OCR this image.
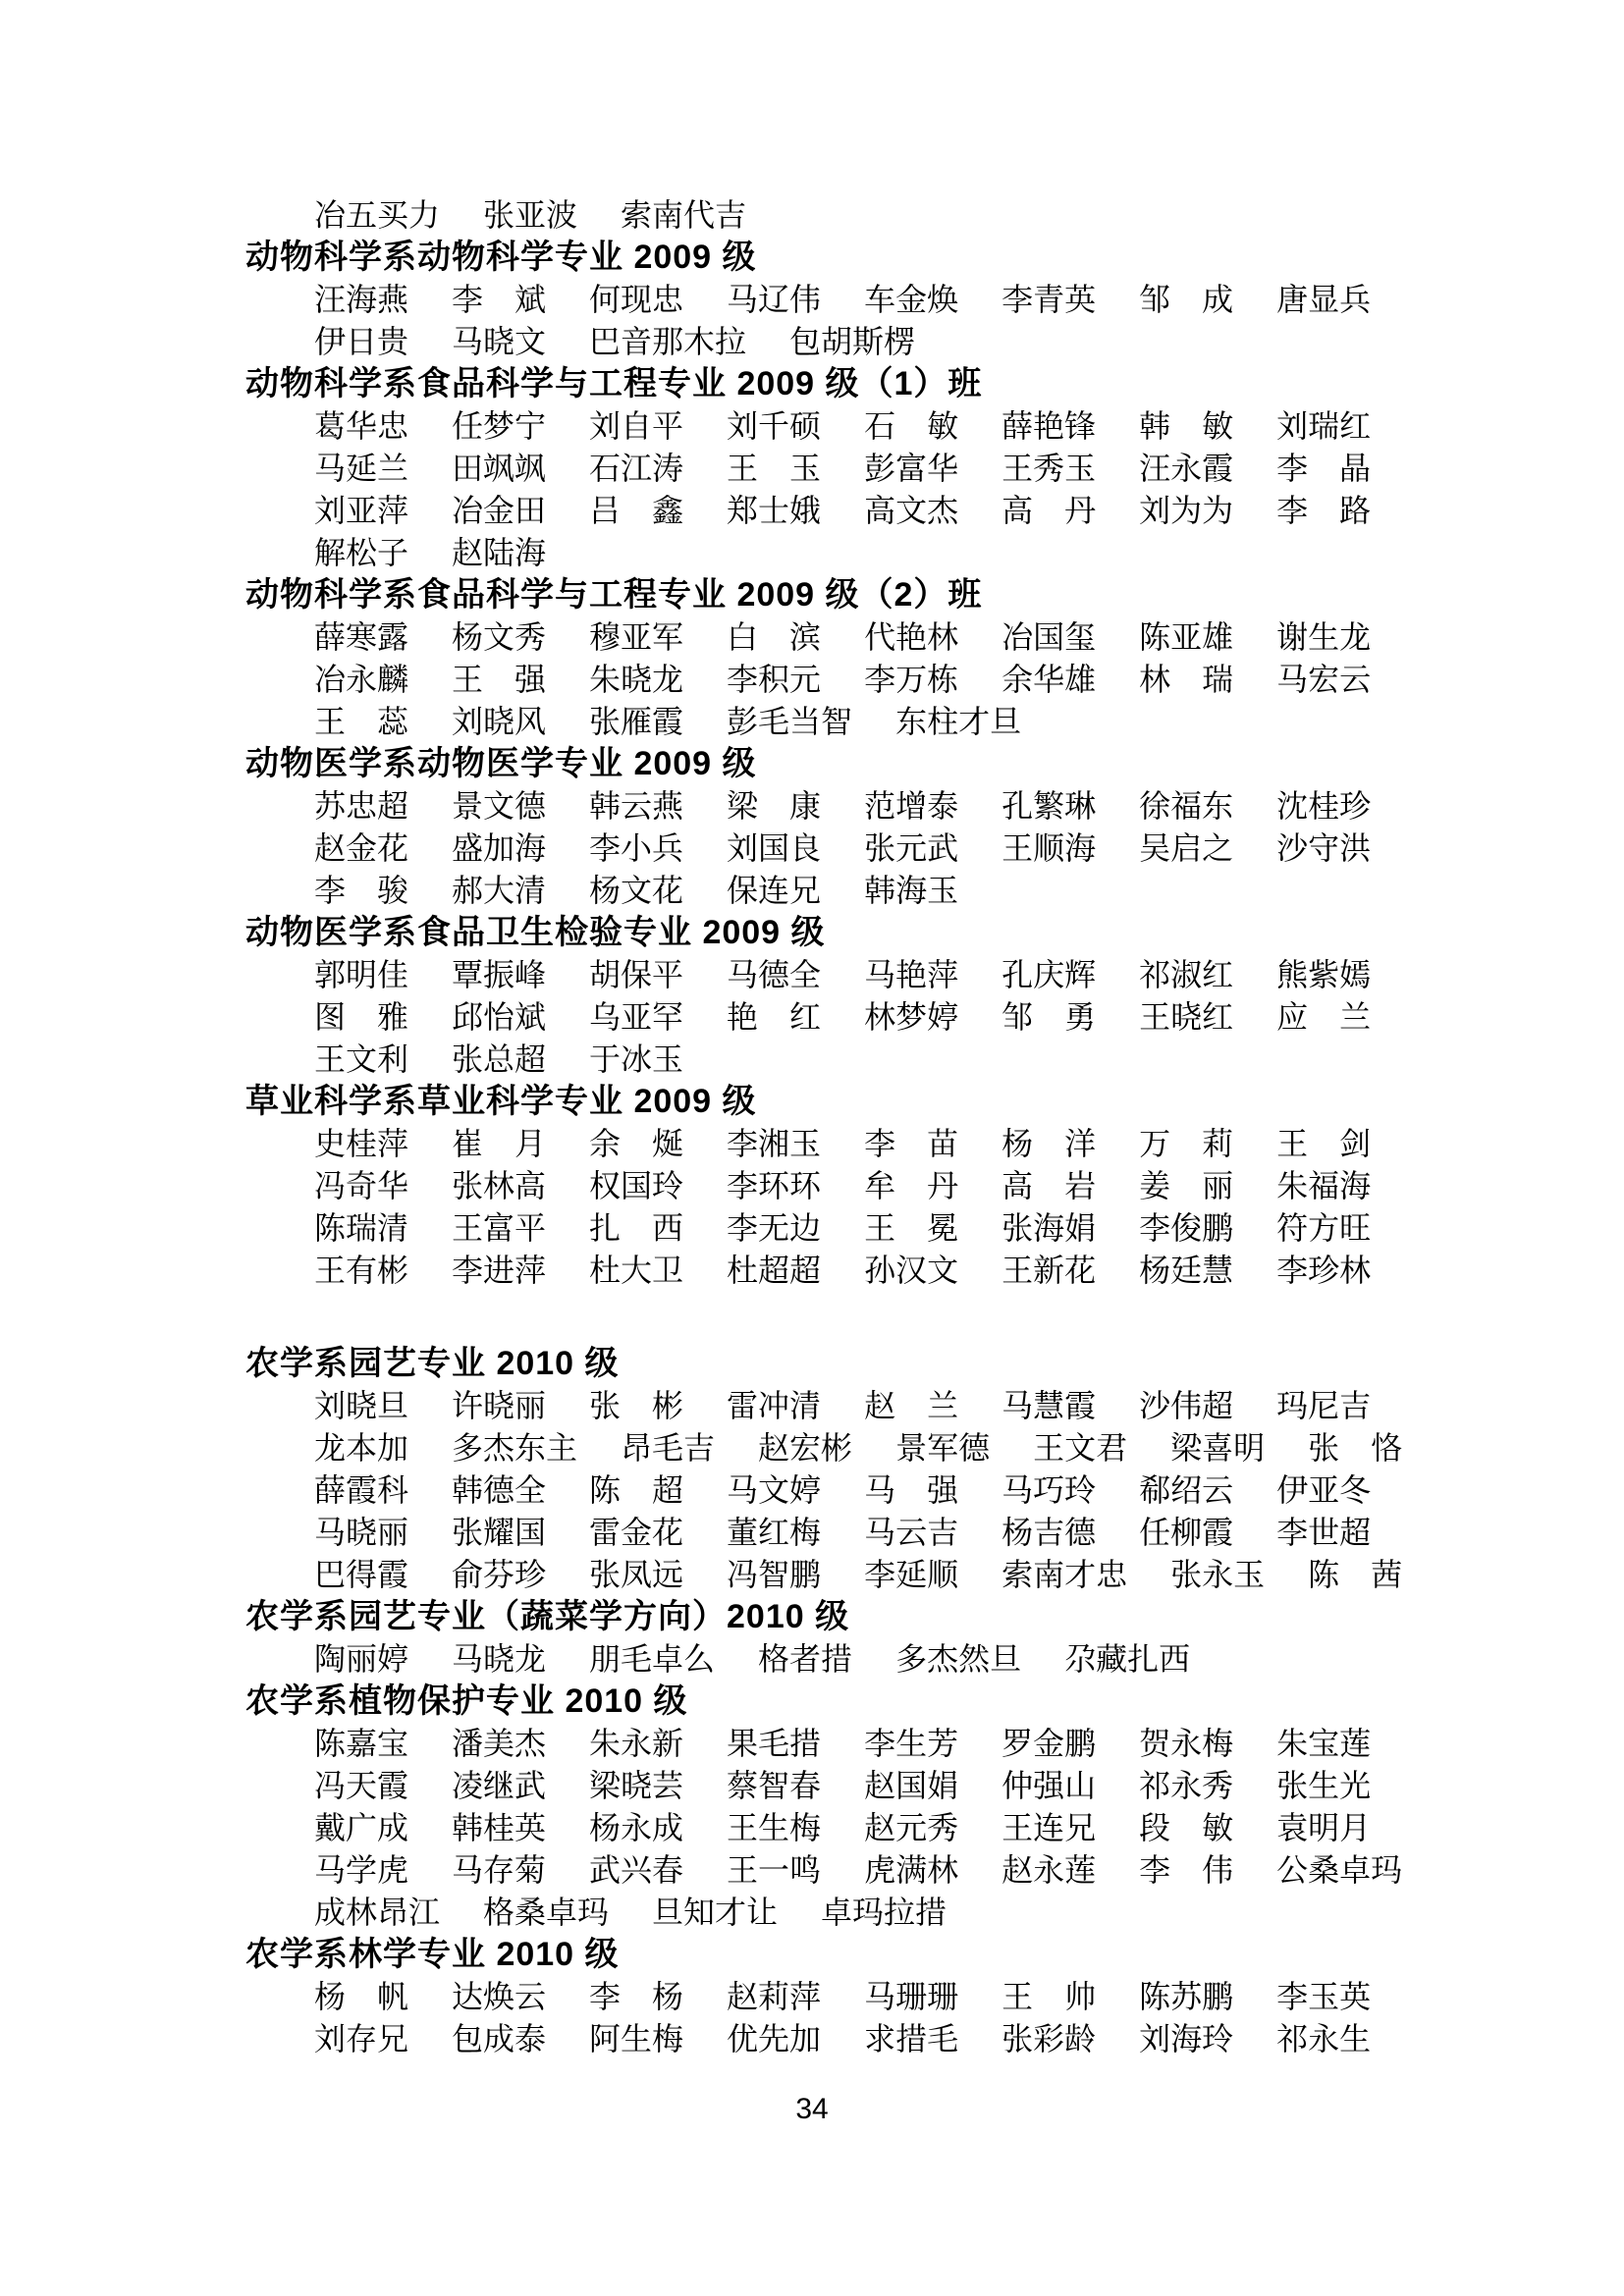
冶五买力 张亚波 索南代吉
动物科学系动物科学专业 2009 级
汪海燕 李　斌 何现忠 马辽伟 车金焕 李青英 邹　成 唐显兵
伊日贵 马晓文 巴音那木拉 包胡斯楞
动物科学系食品科学与工程专业 2009 级（1）班
葛华忠 任梦宁 刘自平 刘千硕 石　敏 薛艳锋 韩　敏 刘瑞红
马延兰 田飒飒 石江涛 王　玉 彭富华 王秀玉 汪永霞 李　晶
刘亚萍 冶金田 吕　鑫 郑士娥 高文杰 高　丹 刘为为 李　路
解松子 赵陆海
动物科学系食品科学与工程专业 2009 级（2）班
薛寒露 杨文秀 穆亚军 白　滨 代艳林 冶国玺 陈亚雄 谢生龙
冶永麟 王　强 朱晓龙 李积元 李万栋 余华雄 林　瑞 马宏云
王　蕊 刘晓风 张雁霞 彭毛当智 东柱才旦
动物医学系动物医学专业 2009 级
苏忠超 景文德 韩云燕 梁　康 范增泰 孔繁琳 徐福东 沈桂珍
赵金花 盛加海 李小兵 刘国良 张元武 王顺海 吴启之 沙守洪
李　骏 郝大清 杨文花 保连兄 韩海玉
动物医学系食品卫生检验专业 2009 级
郭明佳 覃振峰 胡保平 马德全 马艳萍 孔庆辉 祁淑红 熊紫嫣
图　雅 邱怡斌 乌亚罕 艳　红 林梦婷 邹　勇 王晓红 应　兰
王文利 张总超 于冰玉
草业科学系草业科学专业 2009 级
史桂萍 崔　月 余　烻 李湘玉 李　苗 杨　洋 万　莉 王　剑
冯奇华 张林高 权国玲 李环环 牟　丹 高　岩 姜　丽 朱福海
陈瑞清 王富平 扎　西 李无边 王　冕 张海娟 李俊鹏 符方旺
王有彬 李进萍 杜大卫 杜超超 孙汉文 王新花 杨廷慧 李珍林
农学系园艺专业 2010 级
刘晓旦 许晓丽 张　彬 雷冲清 赵　兰 马慧霞 沙伟超 玛尼吉
龙本加 多杰东主 昂毛吉 赵宏彬 景军德 王文君 梁喜明 张　恪
薛霞科 韩德全 陈　超 马文婷 马　强 马巧玲 郗绍云 伊亚冬
马晓丽 张耀国 雷金花 董红梅 马云吉 杨吉德 任柳霞 李世超
巴得霞 俞芬珍 张凤远 冯智鹏 李延顺 索南才忠 张永玉 陈　茜
农学系园艺专业（蔬菜学方向）2010 级
陶丽婷 马晓龙 朋毛卓么 格者措 多杰然旦 尕藏扎西
农学系植物保护专业 2010 级
陈嘉宝 潘美杰 朱永新 果毛措 李生芳 罗金鹏 贺永梅 朱宝莲
冯天霞 凌继武 梁晓芸 蔡智春 赵国娟 仲强山 祁永秀 张生光
戴广成 韩桂英 杨永成 王生梅 赵元秀 王连兄 段　敏 袁明月
马学虎 马存菊 武兴春 王一鸣 虎满林 赵永莲 李　伟 公桑卓玛
成林昂江 格桑卓玛 旦知才让 卓玛拉措
农学系林学专业 2010 级
杨　帆 达焕云 李　杨 赵莉萍 马珊珊 王　帅 陈苏鹏 李玉英
刘存兄 包成泰 阿生梅 优先加 求措毛 张彩龄 刘海玲 祁永生
34
